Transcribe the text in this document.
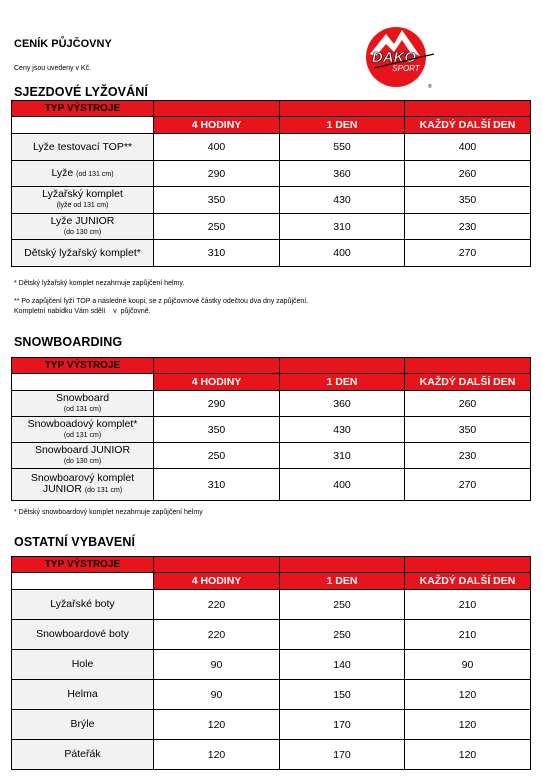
CENÍK PŮJČOVNY
Ceny jsou uvedeny v Kč.
DAKO
SPORT
®
SJEZDOVÉ LYŽOVÁNÍ
TYP VÝSTROJE			
	4 HODINY	1 DEN	KAŽDÝ DALŠÍ DEN
Lyže testovací TOP**	400	550	400
Lyže (od 131 cm)	290	360	260

Lyžařský komplet
(lyže od 131 cm)	350	430	350

Lyže JUNIOR
(do 130 cm)	250	310	230
Dětský lyžařský komplet*	310	400	270
* Dětský lyžařský komplet nezahrnuje zapůjčení helmy.
** Po zapůjčení lyží TOP a následné koupi, se z půjčovnové částky odečtou dva dny zapůjčení.
Kompletní nabídku Vám sdělí    v  půjčovně.
SNOWBOARDING
TYP VÝSTROJE			
	4 HODINY	1 DEN	KAŽDÝ DALŠÍ DEN

Snowboard
(od 131 cm)	290	360	260

Snowboadový komplet*
(od 131 cm)	350	430	350

Snowboard JUNIOR
(do 130 cm)	250	310	230

Snowboarový komplet
JUNIOR (do 131 cm)	310	400	270
* Dětský snowboardový komplet nezahrnuje zapůjčení helmy
OSTATNÍ VYBAVENÍ
TYP VÝSTROJE			
	4 HODINY	1 DEN	KAŽDÝ DALŠÍ DEN
Lyžařské boty	220	250	210
Snowboardové boty	220	250	210
Hole	90	140	90
Helma	90	150	120
Brýle	120	170	120
Páteřák	120	170	120
